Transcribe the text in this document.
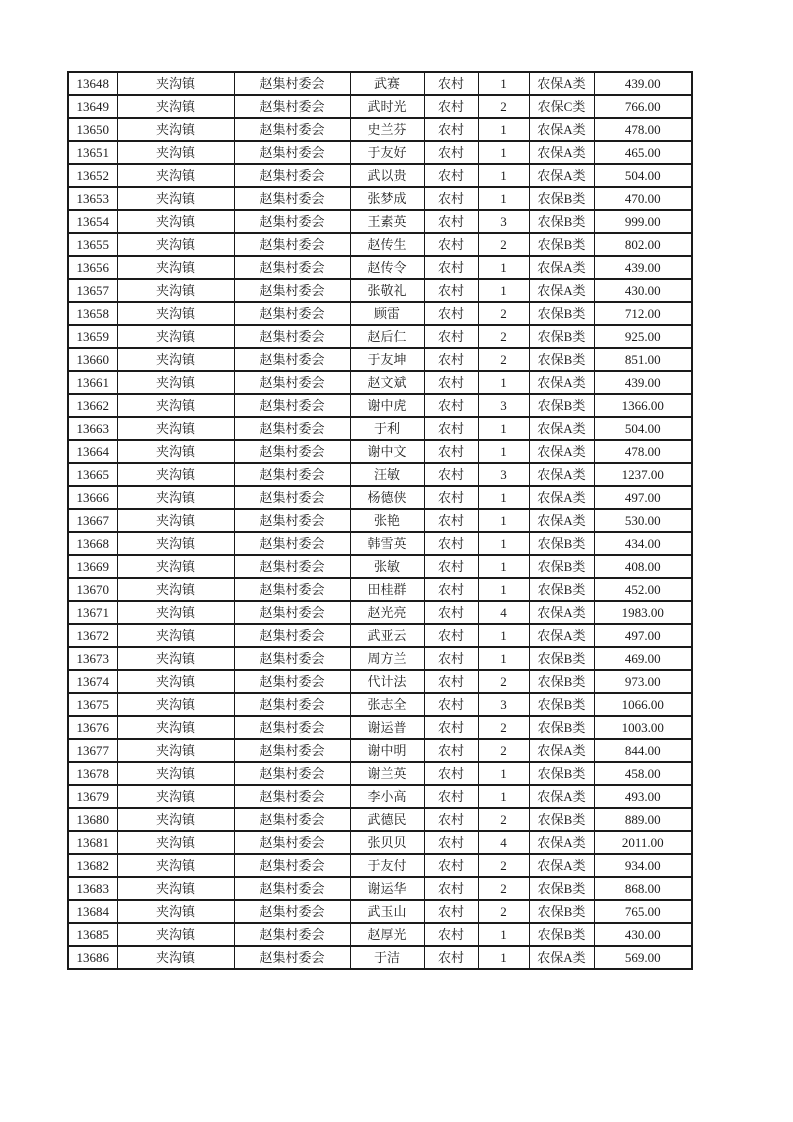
13648	夹沟镇	赵集村委会	武赛	农村	1	农保A类	439.00
13649	夹沟镇	赵集村委会	武时光	农村	2	农保C类	766.00
13650	夹沟镇	赵集村委会	史兰芬	农村	1	农保A类	478.00
13651	夹沟镇	赵集村委会	于友好	农村	1	农保A类	465.00
13652	夹沟镇	赵集村委会	武以贵	农村	1	农保A类	504.00
13653	夹沟镇	赵集村委会	张梦成	农村	1	农保B类	470.00
13654	夹沟镇	赵集村委会	王素英	农村	3	农保B类	999.00
13655	夹沟镇	赵集村委会	赵传生	农村	2	农保B类	802.00
13656	夹沟镇	赵集村委会	赵传令	农村	1	农保A类	439.00
13657	夹沟镇	赵集村委会	张敬礼	农村	1	农保A类	430.00
13658	夹沟镇	赵集村委会	顾雷	农村	2	农保B类	712.00
13659	夹沟镇	赵集村委会	赵后仁	农村	2	农保B类	925.00
13660	夹沟镇	赵集村委会	于友坤	农村	2	农保B类	851.00
13661	夹沟镇	赵集村委会	赵文斌	农村	1	农保A类	439.00
13662	夹沟镇	赵集村委会	谢中虎	农村	3	农保B类	1366.00
13663	夹沟镇	赵集村委会	于利	农村	1	农保A类	504.00
13664	夹沟镇	赵集村委会	谢中文	农村	1	农保A类	478.00
13665	夹沟镇	赵集村委会	汪敏	农村	3	农保A类	1237.00
13666	夹沟镇	赵集村委会	杨德侠	农村	1	农保A类	497.00
13667	夹沟镇	赵集村委会	张艳	农村	1	农保A类	530.00
13668	夹沟镇	赵集村委会	韩雪英	农村	1	农保B类	434.00
13669	夹沟镇	赵集村委会	张敏	农村	1	农保B类	408.00
13670	夹沟镇	赵集村委会	田桂群	农村	1	农保B类	452.00
13671	夹沟镇	赵集村委会	赵光亮	农村	4	农保A类	1983.00
13672	夹沟镇	赵集村委会	武亚云	农村	1	农保A类	497.00
13673	夹沟镇	赵集村委会	周方兰	农村	1	农保B类	469.00
13674	夹沟镇	赵集村委会	代计法	农村	2	农保B类	973.00
13675	夹沟镇	赵集村委会	张志全	农村	3	农保B类	1066.00
13676	夹沟镇	赵集村委会	谢运普	农村	2	农保B类	1003.00
13677	夹沟镇	赵集村委会	谢中明	农村	2	农保A类	844.00
13678	夹沟镇	赵集村委会	谢兰英	农村	1	农保B类	458.00
13679	夹沟镇	赵集村委会	李小高	农村	1	农保A类	493.00
13680	夹沟镇	赵集村委会	武德民	农村	2	农保B类	889.00
13681	夹沟镇	赵集村委会	张贝贝	农村	4	农保A类	2011.00
13682	夹沟镇	赵集村委会	于友付	农村	2	农保A类	934.00
13683	夹沟镇	赵集村委会	谢运华	农村	2	农保B类	868.00
13684	夹沟镇	赵集村委会	武玉山	农村	2	农保B类	765.00
13685	夹沟镇	赵集村委会	赵厚光	农村	1	农保B类	430.00
13686	夹沟镇	赵集村委会	于洁	农村	1	农保A类	569.00
